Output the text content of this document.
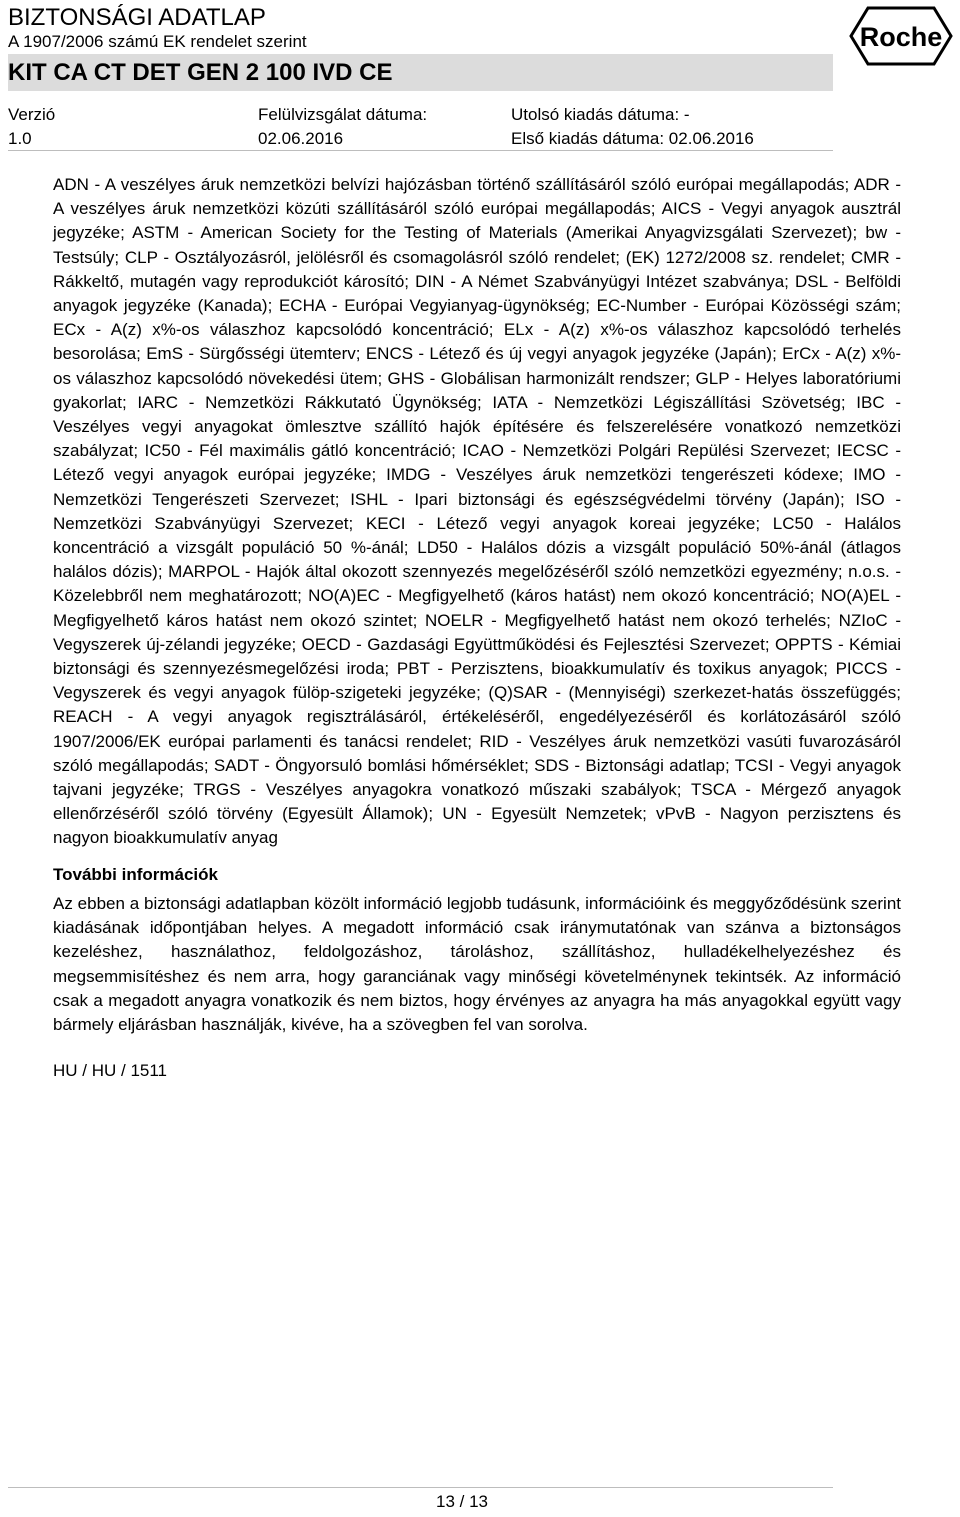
BIZTONSÁGI ADATLAP
A 1907/2006 számú EK rendelet szerint
KIT CA CT DET GEN 2 100 IVD CE
Verzió
1.0
Felülvizsgálat dátuma:
02.06.2016
Utolsó kiadás dátuma: -
Első kiadás dátuma: 02.06.2016
Roche

ADN - A veszélyes áruk nemzetközi belvízi hajózásban történő szállításáról szóló európai megállapodás; ADR - A veszélyes áruk nemzetközi közúti szállításáról szóló európai megállapodás; AICS - Vegyi anyagok ausztrál jegyzéke; ASTM - American Society for the Testing of Materials (Amerikai Anyagvizsgálati Szervezet); bw - Testsúly; CLP - Osztályozásról, jelölésről és csomagolásról szóló rendelet; (EK) 1272/2008 sz. rendelet; CMR - Rákkeltő, mutagén vagy reprodukciót károsító; DIN - A Német Szabványügyi Intézet szabványa; DSL - Belföldi anyagok jegyzéke (Kanada); ECHA - Európai Vegyianyag-ügynökség; EC-Number - Európai Közösségi szám; ECx - A(z) x%-os válaszhoz kapcsolódó koncentráció; ELx - A(z) x%-os válaszhoz kapcsolódó terhelés besorolása; EmS - Sürgősségi ütemterv; ENCS - Létező és új vegyi anyagok jegyzéke (Japán); ErCx - A(z) x%-os válaszhoz kapcsolódó növekedési ütem; GHS - Globálisan harmonizált rendszer; GLP - Helyes laboratóriumi gyakorlat; IARC - Nemzetközi Rákkutató Ügynökség; IATA - Nemzetközi Légiszállítási Szövetség; IBC - Veszélyes vegyi anyagokat ömlesztve szállító hajók építésére és felszerelésére vonatkozó nemzetközi szabályzat; IC50 - Fél maximális gátló koncentráció; ICAO - Nemzetközi Polgári Repülési Szervezet; IECSC - Létező vegyi anyagok európai jegyzéke; IMDG - Veszélyes áruk nemzetközi tengerészeti kódexe; IMO - Nemzetközi Tengerészeti Szervezet; ISHL - Ipari biztonsági és egészségvédelmi törvény (Japán); ISO - Nemzetközi Szabványügyi Szervezet; KECI - Létező vegyi anyagok koreai jegyzéke; LC50 - Halálos koncentráció a vizsgált populáció 50 %-ánál; LD50 - Halálos dózis a vizsgált populáció 50%-ánál (átlagos halálos dózis); MARPOL - Hajók által okozott szennyezés megelőzéséről szóló nemzetközi egyezmény; n.o.s. - Közelebbről nem meghatározott; NO(A)EC - Megfigyelhető (káros hatást) nem okozó koncentráció; NO(A)EL - Megfigyelhető káros hatást nem okozó szintet; NOELR - Megfigyelhető hatást nem okozó terhelés; NZIoC - Vegyszerek új-zélandi jegyzéke; OECD - Gazdasági Együttműködési és Fejlesztési Szervezet; OPPTS - Kémiai biztonsági és szennyezésmegelőzési iroda; PBT - Perzisztens, bioakkumulatív és toxikus anyagok; PICCS - Vegyszerek és vegyi anyagok fülöp-szigeteki jegyzéke; (Q)SAR - (Mennyiségi) szerkezet-hatás összefüggés; REACH - A vegyi anyagok regisztrálásáról, értékeléséről, engedélyezéséről és korlátozásáról szóló 1907/2006/EK európai parlamenti és tanácsi rendelet; RID - Veszélyes áruk nemzetközi vasúti fuvarozásáról szóló megállapodás; SADT - Öngyorsuló bomlási hőmérséklet; SDS - Biztonsági adatlap; TCSI - Vegyi anyagok tajvani jegyzéke; TRGS - Veszélyes anyagokra vonatkozó műszaki szabályok; TSCA - Mérgező anyagok ellenőrzéséről szóló törvény (Egyesült Államok); UN - Egyesült Nemzetek; vPvB - Nagyon perzisztens és nagyon bioakkumulatív anyag

További információk

Az ebben a biztonsági adatlapban közölt információ legjobb tudásunk, információink és meggyőződésünk szerint kiadásának időpontjában helyes. A megadott információ csak iránymutatónak van szánva a biztonságos kezeléshez, használathoz, feldolgozáshoz, tároláshoz, szállításhoz, hulladékelhelyezéshez és megsemmisítéshez és nem arra, hogy garanciának vagy minőségi követelménynek tekintsék. Az információ csak a megadott anyagra vonatkozik és nem biztos, hogy érvényes az anyagra ha más anyagokkal együtt vagy bármely eljárásban használják, kivéve, ha a szövegben fel van sorolva.

HU / HU / 1511
13 / 13
